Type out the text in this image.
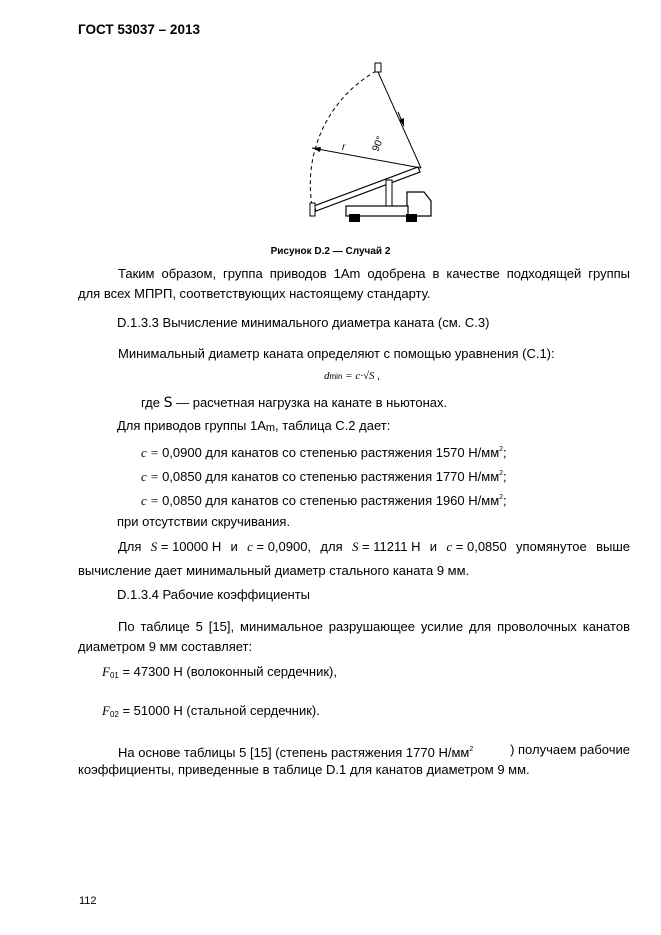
ГОСТ 53037 – 2013
r	90°
Рисунок D.2 — Случай 2
Таким образом, группа приводов 1Am одобрена в качестве подходящей группы
для всех МПРП, соответствующих настоящему стандарту.
D.1.3.3 Вычисление минимального диаметра каната (см. C.3)
Минимальный диаметр каната определяют с помощью уравнения (С.1):
dmin = c·√S ,
где S — расчетная нагрузка на канате в ньютонах.
Для приводов группы 1Am, таблица C.2 дает:
c = 0,0900 для канатов со степенью растяжения 1570 $Н/мм^2$;
c = 0,0850 для канатов со степенью растяжения 1770 $Н/мм^2$;
c = 0,0850 для канатов со степенью растяжения 1960 $Н/мм^2$;
при отсутствии скручивания.
Для S = 10000 Н и c = 0,0900, для S = 11211 Н и c = 0,0850 упомянутое выше
вычисление дает минимальный диаметр стального каната 9 мм.
D.1.3.4 Рабочие коэффициенты
По таблице 5 [15], минимальное разрушающее усилие для проволочных канатов
диаметром 9 мм составляет:
$F_{01} = 47300$ Н (волоконный сердечник),
$F_{02} = 51000$ Н (стальной сердечник).
На основе таблицы 5 [15] (степень растяжения 1770 $Н/мм^2$	) получаем рабочие
коэффициенты, приведенные в таблице D.1 для канатов диаметром 9 мм.
112
